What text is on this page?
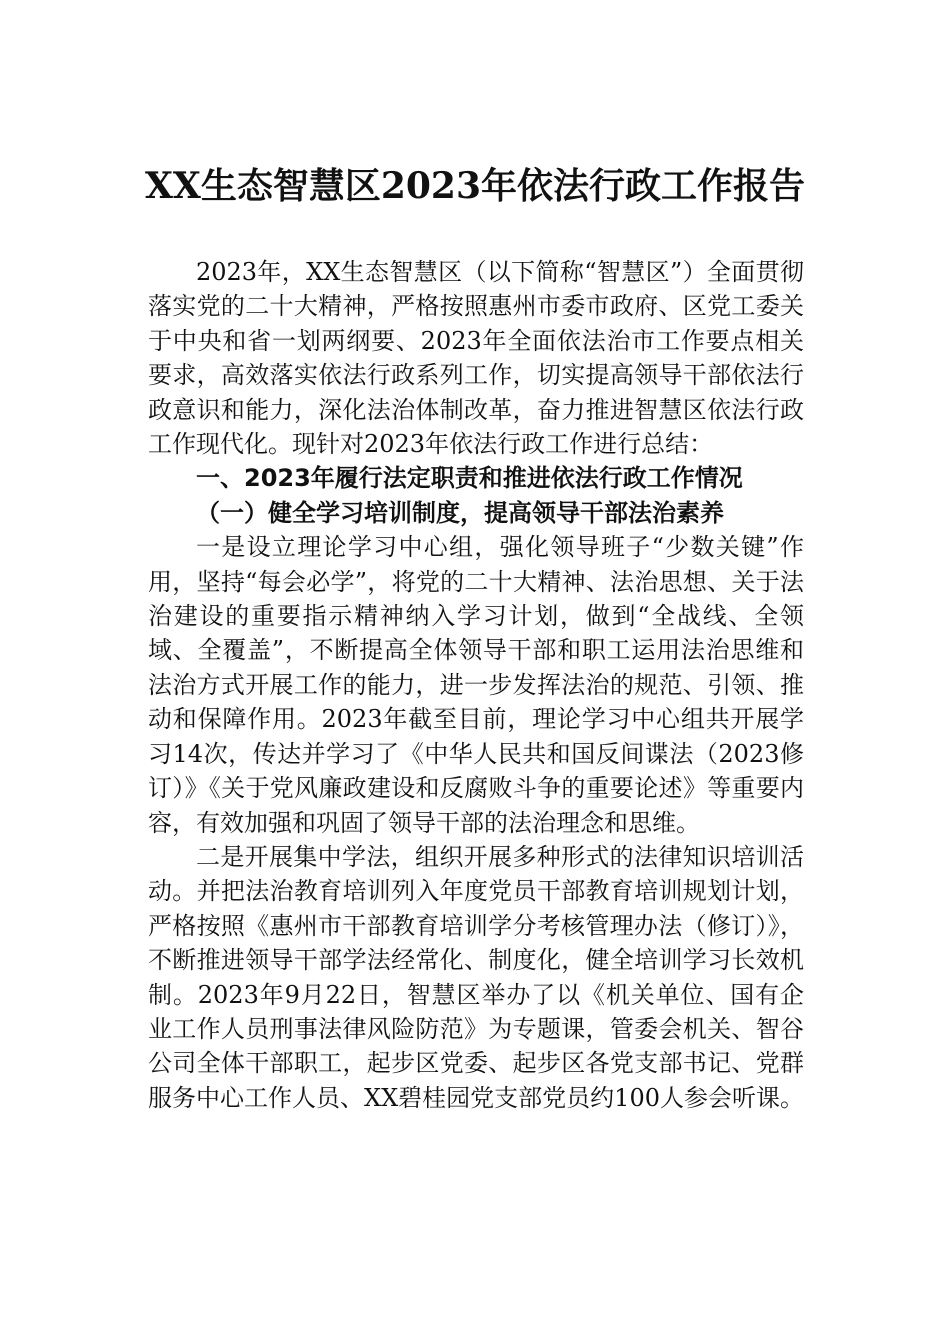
XX生态智慧区2023年依法行政工作报告

2023年，XX生态智慧区（以下简称“智慧区”）全面贯彻落实党的二十大精神，严格按照惠州市委市政府、区党工委关于中央和省一划两纲要、2023年全面依法治市工作要点相关要求，高效落实依法行政系列工作，切实提高领导干部依法行政意识和能力，深化法治体制改革，奋力推进智慧区依法行政工作现代化。现针对2023年依法行政工作进行总结：

一、2023年履行法定职责和推进依法行政工作情况

（一）健全学习培训制度，提高领导干部法治素养

一是设立理论学习中心组，强化领导班子“少数关键”作用，坚持“每会必学”，将党的二十大精神、法治思想、关于法治建设的重要指示精神纳入学习计划，做到“全战线、全领域、全覆盖”，不断提高全体领导干部和职工运用法治思维和法治方式开展工作的能力，进一步发挥法治的规范、引领、推动和保障作用。2023年截至目前，理论学习中心组共开展学习14次，传达并学习了《中华人民共和国反间谍法（2023修订）》《关于党风廉政建设和反腐败斗争的重要论述》等重要内容，有效加强和巩固了领导干部的法治理念和思维。

二是开展集中学法，组织开展多种形式的法律知识培训活动。并把法治教育培训列入年度党员干部教育培训规划计划，严格按照《惠州市干部教育培训学分考核管理办法（修订）》，不断推进领导干部学法经常化、制度化，健全培训学习长效机制。2023年9月22日，智慧区举办了以《机关单位、国有企业工作人员刑事法律风险防范》为专题课，管委会机关、智谷公司全体干部职工，起步区党委、起步区各党支部书记、党群服务中心工作人员、XX碧桂园党支部党员约100人参会听课。
